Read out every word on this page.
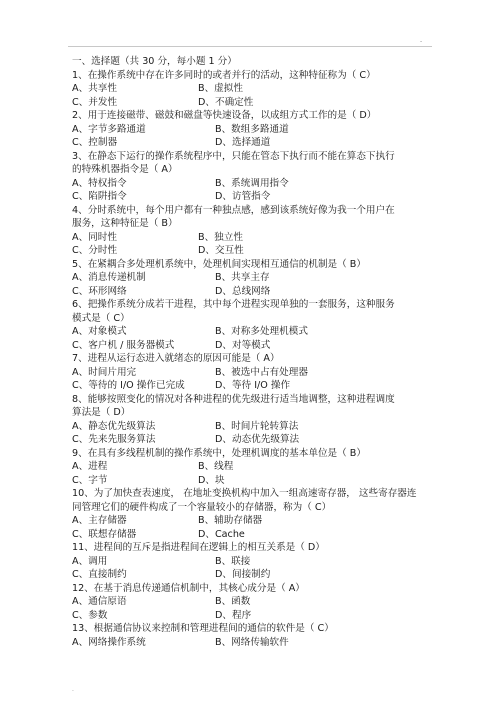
-
一、选择题（共 30 分，每小题 1 分）
1、在操作系统中存在许多同时的或者并行的活动，这种特征称为（ C）
A、共享性	B、虚拟性
C、并发性	D、不确定性
2、用于连接磁带、磁鼓和磁盘等快速设备，以成组方式工作的是（ D）
A、字节多路通道	B、数组多路通道
C、控制器	D、选择通道
3、在静态下运行的操作系统程序中，只能在管态下执行而不能在算态下执行
的特殊机器指令是（ A）
A、特权指令	B、系统调用指令
C、陷阱指令	D、访管指令
4、分时系统中，每个用户都有一种独点感，感到该系统好像为我一个用户在
服务，这种特征是（ B）
A、同时性	B、独立性
C、分时性	D、交互性
5、在紧耦合多处理机系统中，处理机间实现相互通信的机制是（ B）
A、消息传递机制	B、共享主存
C、环形网络	D、总线网络
6、把操作系统分成若干进程，其中每个进程实现单独的一套服务，这种服务
模式是（ C）
A、对象模式	B、对称多处理机模式
C、客户机 / 服务器模式	D、对等模式
7、进程从运行态进入就绪态的原因可能是（ A）
A、时间片用完	B、被选中占有处理器
C、等待的 I/O 操作已完成	D、等待 I/O 操作
8、能够按照变化的情况对各种进程的优先级进行适当地调整，这种进程调度
算法是（ D）
A、静态优先级算法	B、时间片轮转算法
C、先来先服务算法	D、动态优先级算法
9、在具有多线程机制的操作系统中，处理机调度的基本单位是（ B）
A、进程	B、线程
C、字节	D、块
10、为了加快查表速度， 在地址变换机构中加入一组高速寄存器， 这些寄存器连
同管理它们的硬件构成了一个容量较小的存储器，称为（ C）
A、主存储器	B、辅助存储器
C、联想存储器	D、Cache
11、进程间的互斥是指进程间在逻辑上的相互关系是（ D）
A、调用	B、联接
C、直接制约	D、间接制约
12、在基于消息传递通信机制中，其核心成分是（ A）
A、通信原语	B、函数
C、参数	D、程序
13、根据通信协议来控制和管理进程间的通信的软件是（ C）
A、网络操作系统	B、网络传输软件
.
